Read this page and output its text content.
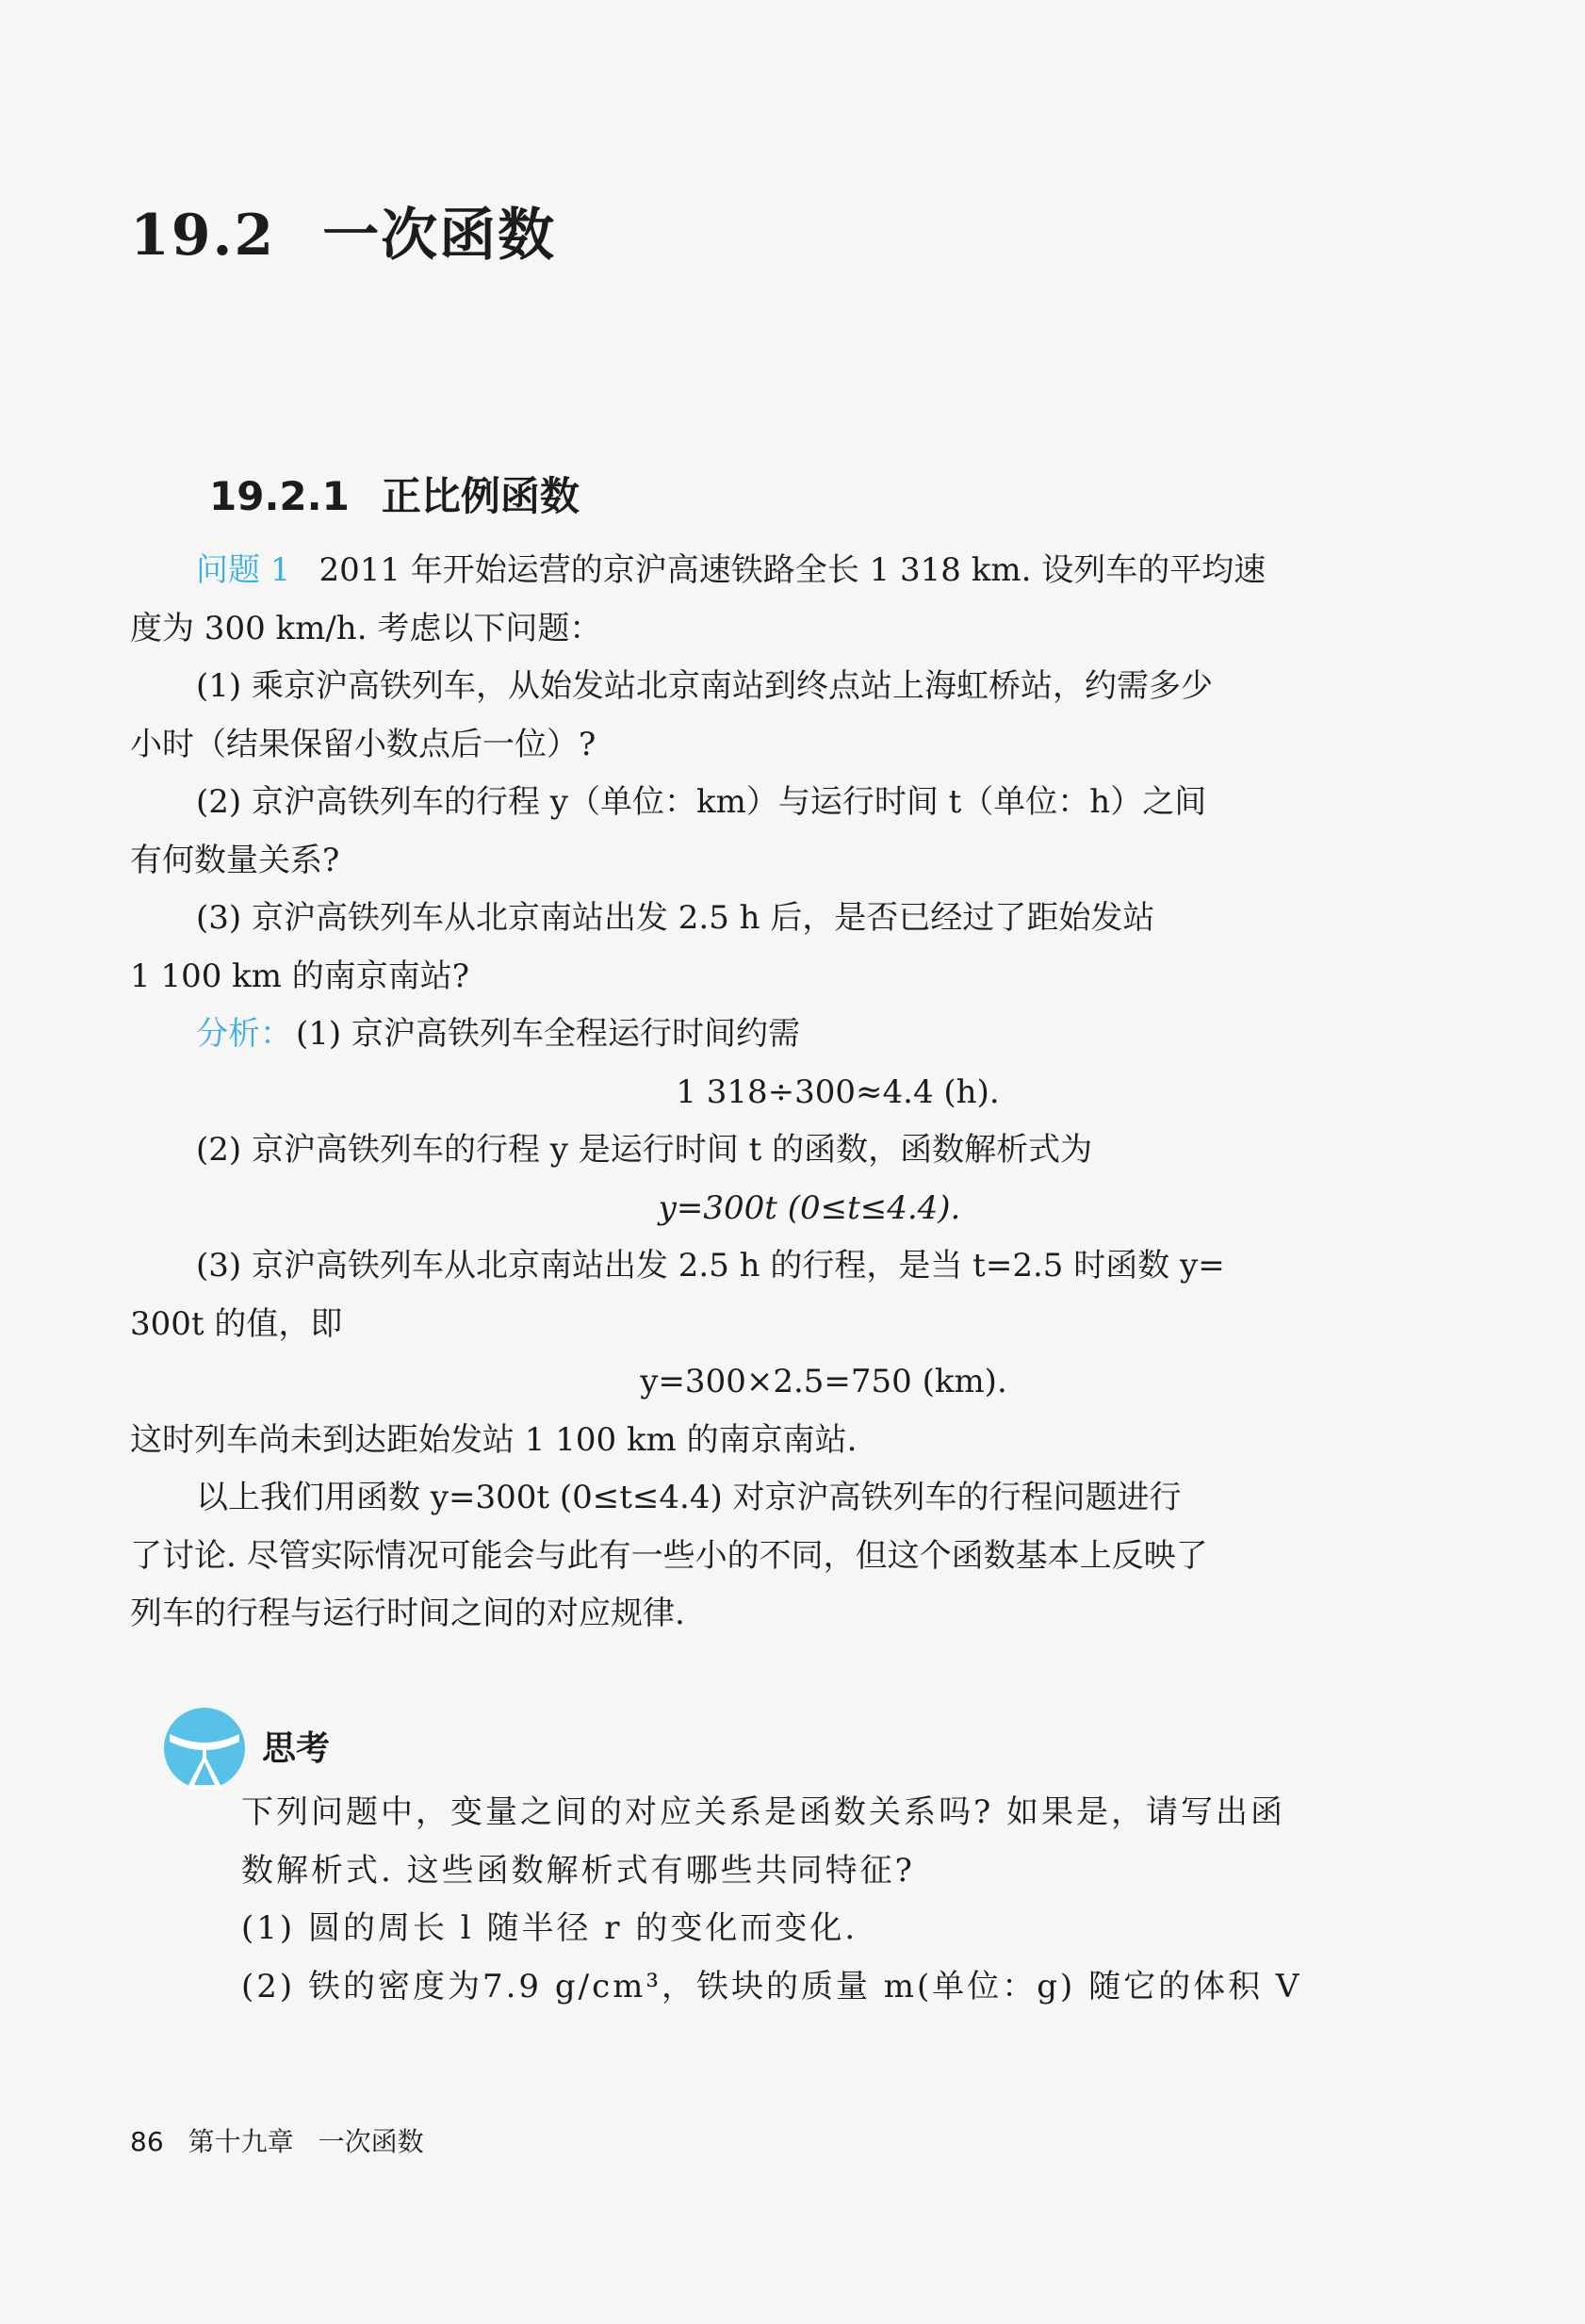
19.2 一次函数
19.2.1 正比例函数

问题 1 2011 年开始运营的京沪高速铁路全长 1 318 km. 设列车的平均速

度为 300 km/h. 考虑以下问题：

(1) 乘京沪高铁列车，从始发站北京南站到终点站上海虹桥站，约需多少

小时（结果保留小数点后一位）?

(2) 京沪高铁列车的行程 y（单位：km）与运行时间 t（单位：h）之间

有何数量关系?

(3) 京沪高铁列车从北京南站出发 2.5 h 后，是否已经过了距始发站

1 100 km 的南京南站?

分析： (1) 京沪高铁列车全程运行时间约需

1 318÷300≈4.4 (h).

(2) 京沪高铁列车的行程 y 是运行时间 t 的函数，函数解析式为

y=300t (0≤t≤4.4).

(3) 京沪高铁列车从北京南站出发 2.5 h 的行程，是当 t=2.5 时函数 y=

300t 的值，即

y=300×2.5=750 (km).

这时列车尚未到达距始发站 1 100 km 的南京南站.

以上我们用函数 y=300t (0≤t≤4.4) 对京沪高铁列车的行程问题进行

了讨论. 尽管实际情况可能会与此有一些小的不同，但这个函数基本上反映了

列车的行程与运行时间之间的对应规律.

思考

下列问题中，变量之间的对应关系是函数关系吗? 如果是，请写出函

数解析式. 这些函数解析式有哪些共同特征?

(1) 圆的周长 l 随半径 r 的变化而变化.

(2) 铁的密度为7.9 g/cm³，铁块的质量 m(单位：g) 随它的体积 V

86 第十九章 一次函数
